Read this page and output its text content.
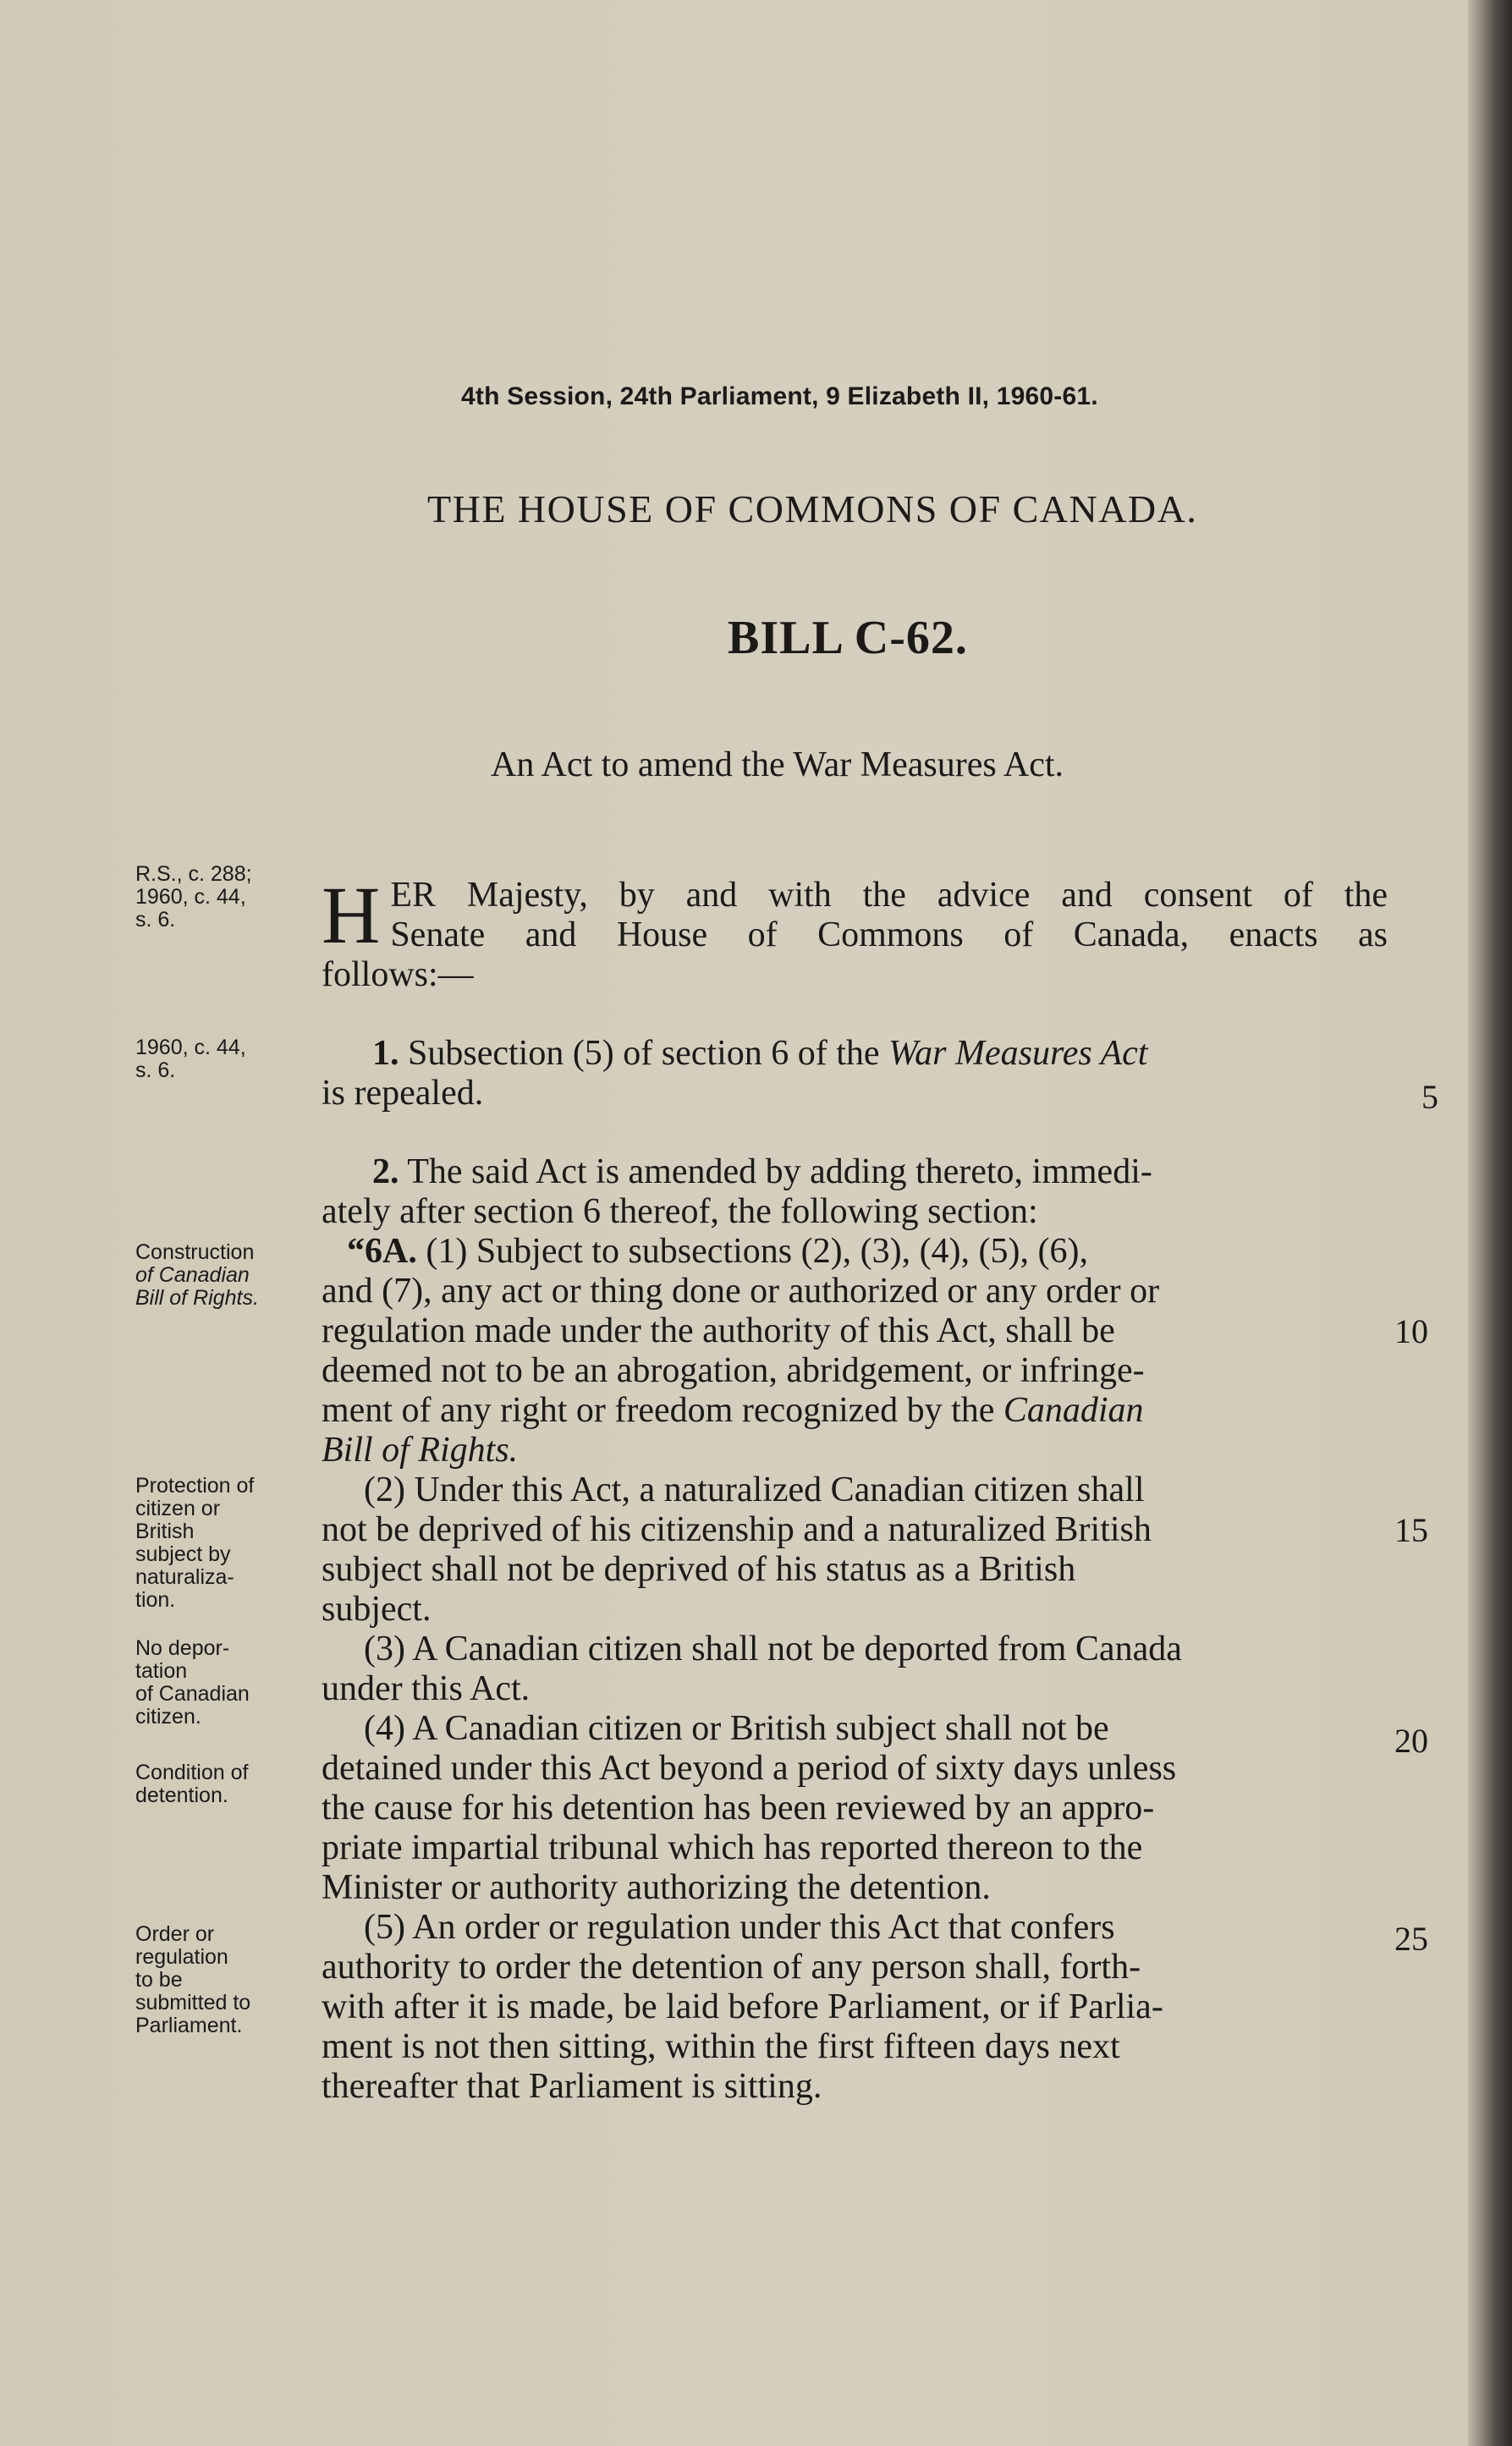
4th Session, 24th Parliament, 9 Elizabeth II, 1960-61.
THE HOUSE OF COMMONS OF CANADA.
BILL C-62.
An Act to amend the War Measures Act.
R.S., c. 288;
1960, c. 44,
s. 6.
1960, c. 44,
s. 6.
Construction
of Canadian
Bill of Rights.
Protection of
citizen or
British
subject by
naturaliza-
tion.
No depor-
tation
of Canadian
citizen.
Condition of
detention.
Order or
regulation
to be
submitted to
Parliament.
H ER Majesty, by and with the advice and consent of the
Senate and House of Commons of Canada, enacts as
follows:—
1. Subsection (5) of section 6 of the War Measures Act
is repealed.
2. The said Act is amended by adding thereto, immedi-
ately after section 6 thereof, the following section:
“6A. (1) Subject to subsections (2), (3), (4), (5), (6),
and (7), any act or thing done or authorized or any order or
regulation made under the authority of this Act, shall be
deemed not to be an abrogation, abridgement, or infringe-
ment of any right or freedom recognized by the Canadian
Bill of Rights.
(2) Under this Act, a naturalized Canadian citizen shall
not be deprived of his citizenship and a naturalized British
subject shall not be deprived of his status as a British
subject.
(3) A Canadian citizen shall not be deported from Canada
under this Act.
(4) A Canadian citizen or British subject shall not be
detained under this Act beyond a period of sixty days unless
the cause for his detention has been reviewed by an appro-
priate impartial tribunal which has reported thereon to the
Minister or authority authorizing the detention.
(5) An order or regulation under this Act that confers
authority to order the detention of any person shall, forth-
with after it is made, be laid before Parliament, or if Parlia-
ment is not then sitting, within the first fifteen days next
thereafter that Parliament is sitting.
5
10
15
20
25
